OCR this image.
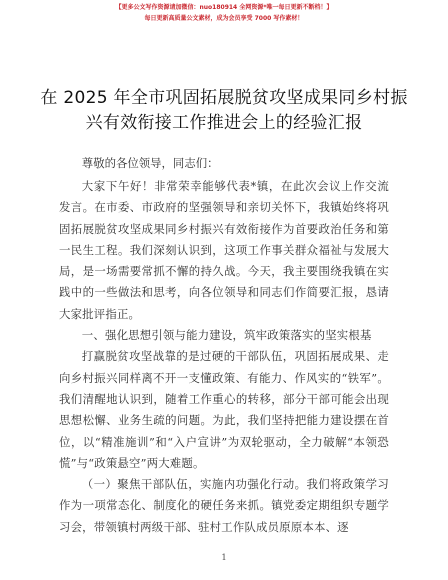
【更多公文写作资源请加微信：nuo180914 全网资源*唯一每日更新不断档！】
每日更新高质量公文素材，成为会员享受 7000 写作素材！
在 2025 年全市巩固拓展脱贫攻坚成果同乡村振
兴有效衔接工作推进会上的经验汇报
尊敬的各位领导，同志们：

大家下午好！非常荣幸能够代表*镇，在此次会议上作交流发言。在市委、市政府的坚强领导和亲切关怀下，我镇始终将巩固拓展脱贫攻坚成果同乡村振兴有效衔接作为首要政治任务和第一民生工程。我们深刻认识到，这项工作事关群众福祉与发展大局，是一场需要常抓不懈的持久战。今天，我主要围绕我镇在实践中的一些做法和思考，向各位领导和同志们作简要汇报，恳请大家批评指正。

一、强化思想引领与能力建设，筑牢政策落实的坚实根基

打赢脱贫攻坚战靠的是过硬的干部队伍，巩固拓展成果、走向乡村振兴同样离不开一支懂政策、有能力、作风实的“铁军”。我们清醒地认识到，随着工作重心的转移，部分干部可能会出现思想松懈、业务生疏的问题。为此，我们坚持把能力建设摆在首位，以“精准施训”和“入户宣讲”为双轮驱动，全力破解“本领恐慌”与“政策悬空”两大难题。

（一）聚焦干部队伍，实施内功强化行动。我们将政策学习作为一项常态化、制度化的硬任务来抓。镇党委定期组织专题学习会，带领镇村两级干部、驻村工作队成员原原本本、逐

1
